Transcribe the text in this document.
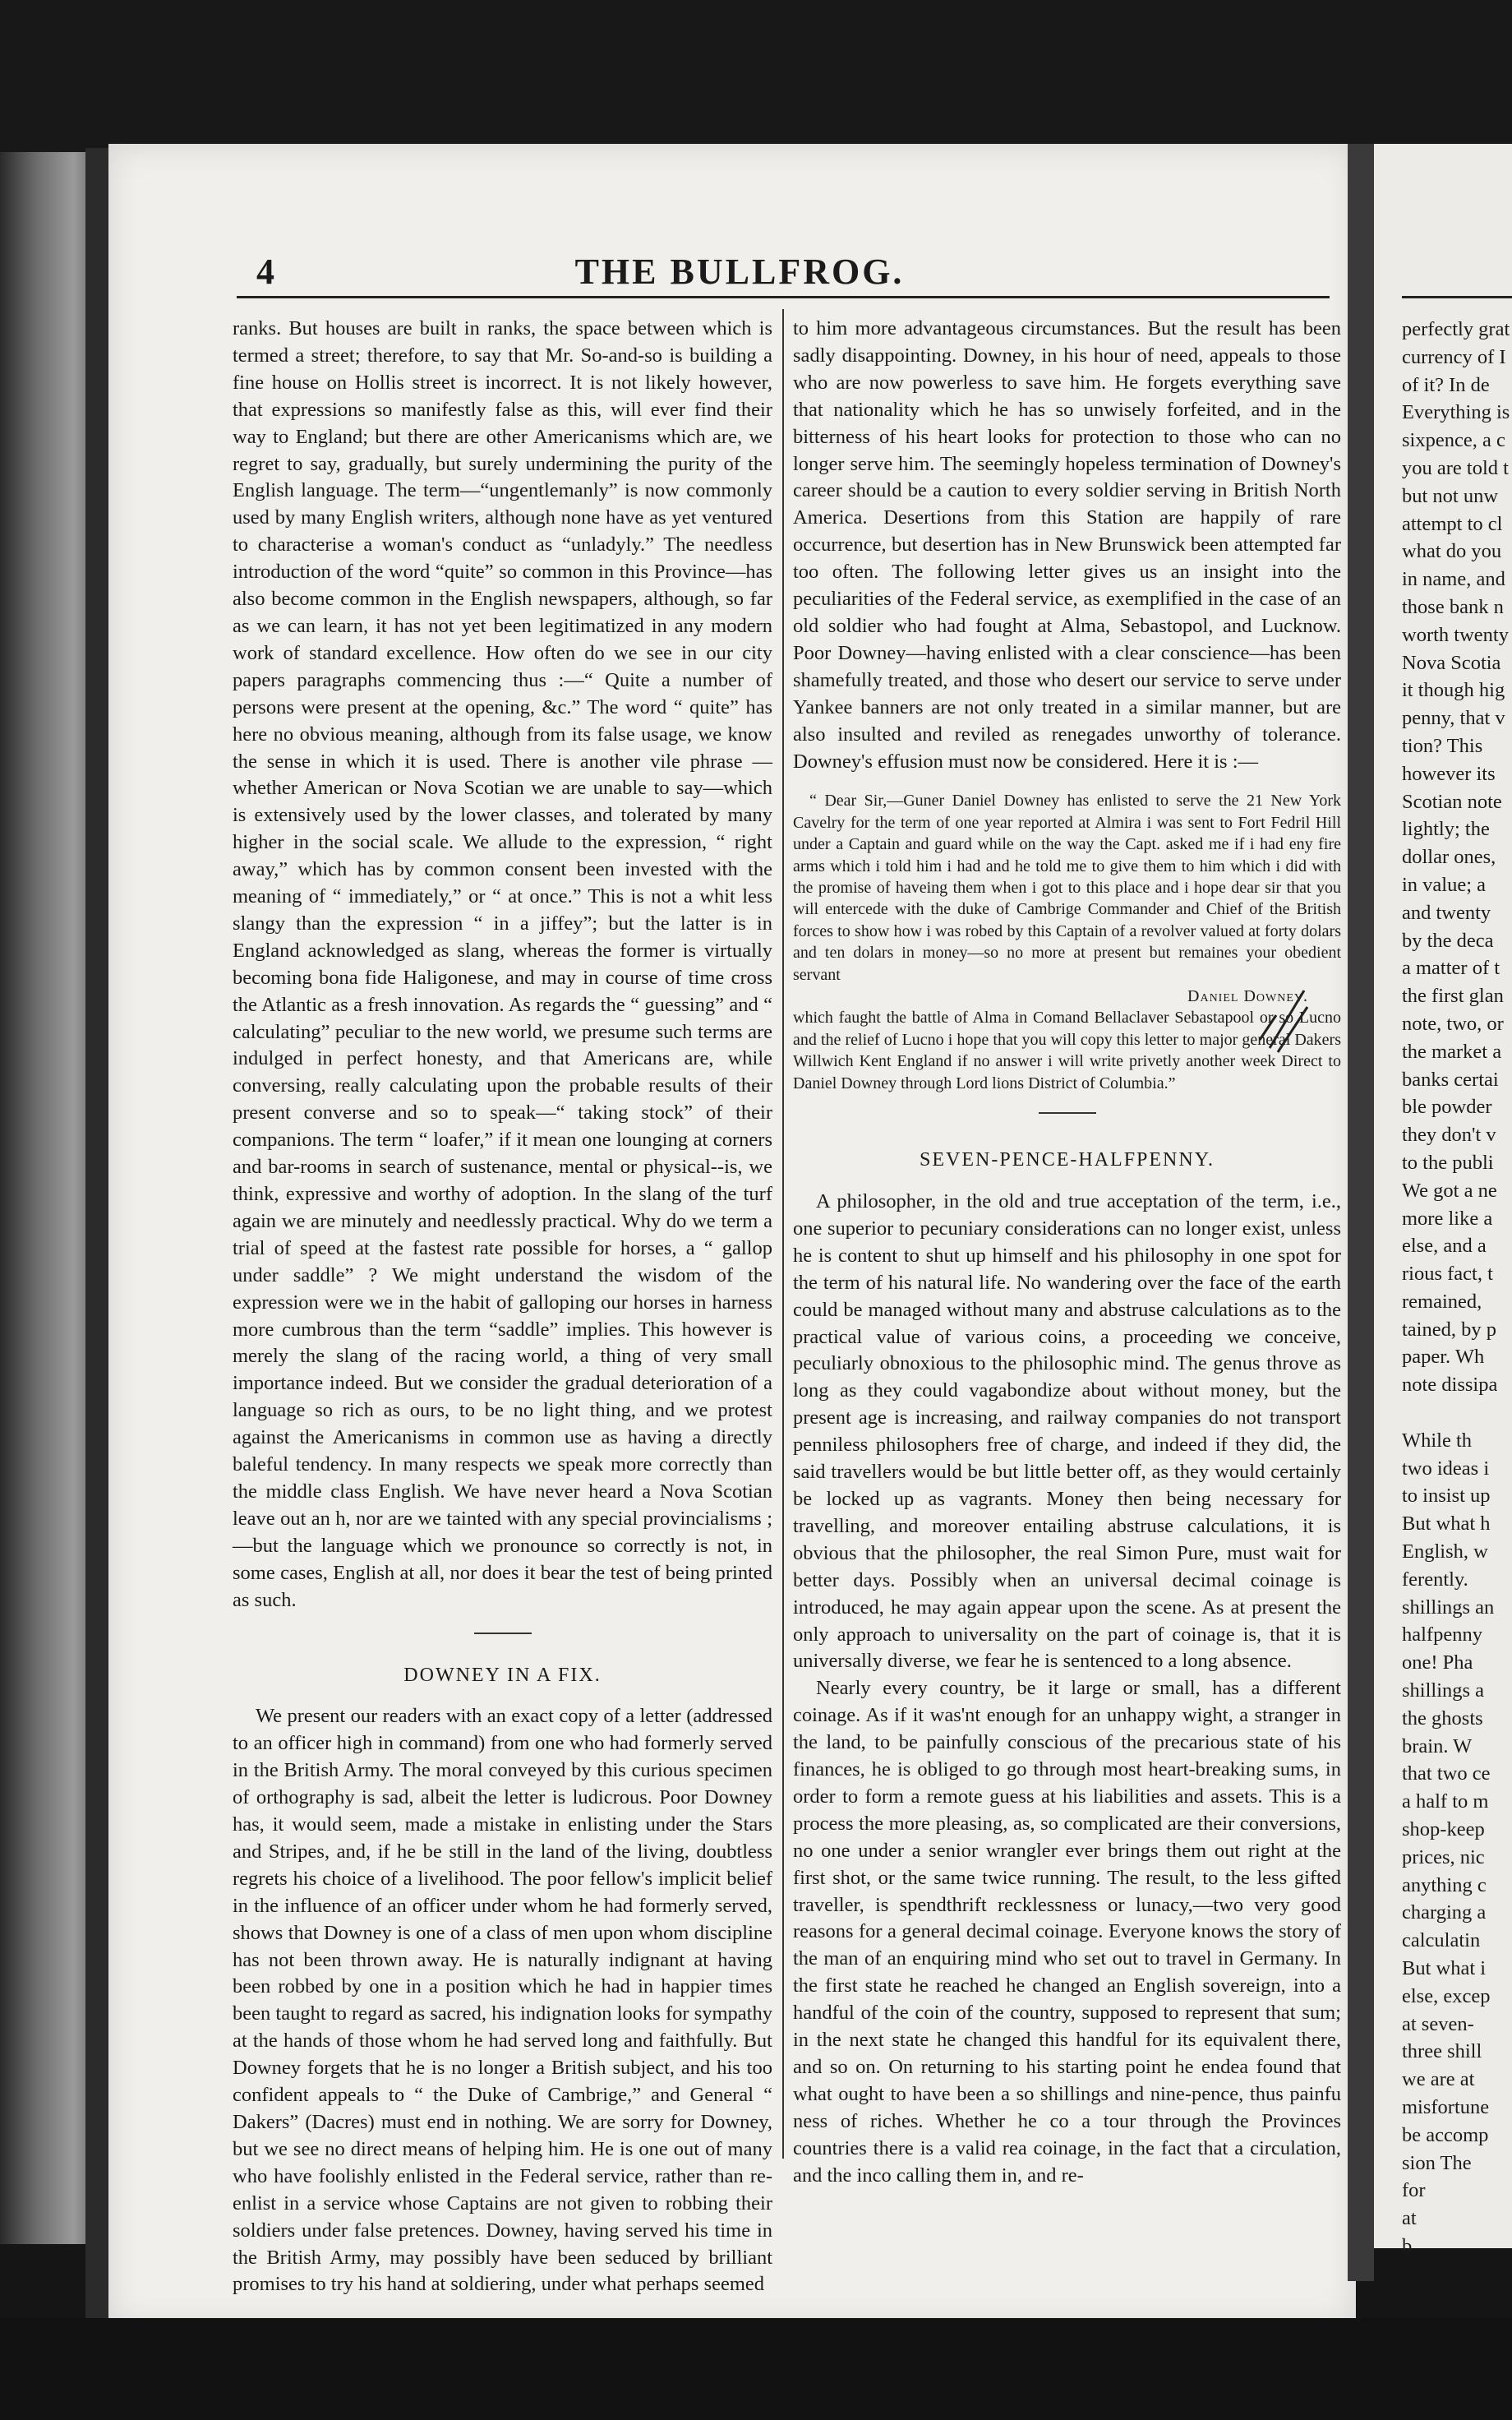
4	THE BULLFROG.

ranks. But houses are built in ranks, the space between which is termed a street; therefore, to say that Mr. So-and-so is building a fine house on Hollis street is incorrect. It is not likely however, that expressions so manifestly false as this, will ever find their way to England; but there are other Americanisms which are, we regret to say, gradually, but surely undermining the purity of the English language. The term—“ungentlemanly” is now commonly used by many English writers, although none have as yet ventured to characterise a woman's conduct as “unladyly.” The needless introduction of the word “quite” so common in this Province—has also become common in the English newspapers, although, so far as we can learn, it has not yet been legitimatized in any modern work of standard excellence. How often do we see in our city papers paragraphs commencing thus :—“ Quite a number of persons were present at the opening, &c.” The word “ quite” has here no obvious meaning, although from its false usage, we know the sense in which it is used. There is another vile phrase — whether American or Nova Scotian we are unable to say—which is extensively used by the lower classes, and tolerated by many higher in the social scale. We allude to the expression, “ right away,” which has by common consent been invested with the meaning of “ immediately,” or “ at once.” This is not a whit less slangy than the expression “ in a jiffey”; but the latter is in England acknowledged as slang, whereas the former is virtually becoming bona fide Haligonese, and may in course of time cross the Atlantic as a fresh innovation. As regards the “ guessing” and “ calculating” peculiar to the new world, we presume such terms are indulged in perfect honesty, and that Americans are, while conversing, really calculating upon the probable results of their present converse and so to speak—“ taking stock” of their companions. The term “ loafer,” if it mean one lounging at corners and bar-rooms in search of sustenance, mental or physical--is, we think, expressive and worthy of adoption. In the slang of the turf again we are minutely and needlessly practical. Why do we term a trial of speed at the fastest rate possible for horses, a “ gallop under saddle” ? We might understand the wisdom of the expression were we in the habit of galloping our horses in harness more cumbrous than the term “saddle” implies. This however is merely the slang of the racing world, a thing of very small importance indeed. But we consider the gradual deterioration of a language so rich as ours, to be no light thing, and we protest against the Americanisms in common use as having a directly baleful tendency. In many respects we speak more correctly than the middle class English. We have never heard a Nova Scotian leave out an h, nor are we tainted with any special provincialisms ;—but the language which we pronounce so correctly is not, in some cases, English at all, nor does it bear the test of being printed as such.

DOWNEY IN A FIX.

We present our readers with an exact copy of a letter (addressed to an officer high in command) from one who had formerly served in the British Army. The moral conveyed by this curious specimen of orthography is sad, albeit the letter is ludicrous. Poor Downey has, it would seem, made a mistake in enlisting under the Stars and Stripes, and, if he be still in the land of the living, doubtless regrets his choice of a livelihood. The poor fellow's implicit belief in the influence of an officer under whom he had formerly served, shows that Downey is one of a class of men upon whom discipline has not been thrown away. He is naturally indignant at having been robbed by one in a position which he had in happier times been taught to regard as sacred, his indignation looks for sympathy at the hands of those whom he had served long and faithfully. But Downey forgets that he is no longer a British subject, and his too confident appeals to “ the Duke of Cambrige,” and General “ Dakers” (Dacres) must end in nothing. We are sorry for Downey, but we see no direct means of helping him. He is one out of many who have foolishly enlisted in the Federal service, rather than re-enlist in a service whose Captains are not given to robbing their soldiers under false pretences. Downey, having served his time in the British Army, may possibly have been seduced by brilliant promises to try his hand at soldiering, under what perhaps seemed

to him more advantageous circumstances. But the result has been sadly disappointing. Downey, in his hour of need, appeals to those who are now powerless to save him. He forgets everything save that nationality which he has so unwisely forfeited, and in the bitterness of his heart looks for protection to those who can no longer serve him. The seemingly hopeless termination of Downey's career should be a caution to every soldier serving in British North America. Desertions from this Station are happily of rare occurrence, but desertion has in New Brunswick been attempted far too often. The following letter gives us an insight into the peculiarities of the Federal service, as exemplified in the case of an old soldier who had fought at Alma, Sebastopol, and Lucknow. Poor Downey—having enlisted with a clear conscience—has been shamefully treated, and those who desert our service to serve under Yankee banners are not only treated in a similar manner, but are also insulted and reviled as renegades unworthy of tolerance. Downey's effusion must now be considered. Here it is :—

“ Dear Sir,—Guner Daniel Downey has enlisted to serve the 21 New York Cavelry for the term of one year reported at Almira i was sent to Fort Fedril Hill under a Captain and guard while on the way the Capt. asked me if i had eny fire arms which i told him i had and he told me to give them to him which i did with the promise of haveing them when i got to this place and i hope dear sir that you will entercede with the duke of Cambrige Commander and Chief of the British forces to show how i was robed by this Captain of a revolver valued at forty dolars and ten dolars in money—so no more at present but remaines your obedient servant

Daniel Downey.

which faught the battle of Alma in Comand Bellaclaver Sebastapool or so Lucno and the relief of Lucno i hope that you will copy this letter to major general Dakers Willwich Kent England if no answer i will write privetly another week Direct to Daniel Downey through Lord lions District of Columbia.”

SEVEN-PENCE-HALFPENNY.

A philosopher, in the old and true acceptation of the term, i.e., one superior to pecuniary considerations can no longer exist, unless he is content to shut up himself and his philosophy in one spot for the term of his natural life. No wandering over the face of the earth could be managed without many and abstruse calculations as to the practical value of various coins, a proceeding we conceive, peculiarly obnoxious to the philosophic mind. The genus throve as long as they could vagabondize about without money, but the present age is increasing, and railway companies do not transport penniless philosophers free of charge, and indeed if they did, the said travellers would be but little better off, as they would certainly be locked up as vagrants. Money then being necessary for travelling, and moreover entailing abstruse calculations, it is obvious that the philosopher, the real Simon Pure, must wait for better days. Possibly when an universal decimal coinage is introduced, he may again appear upon the scene. As at present the only approach to universality on the part of coinage is, that it is universally diverse, we fear he is sentenced to a long absence.

Nearly every country, be it large or small, has a different coinage. As if it was'nt enough for an unhappy wight, a stranger in the land, to be painfully conscious of the precarious state of his finances, he is obliged to go through most heart-breaking sums, in order to form a remote guess at his liabilities and assets. This is a process the more pleasing, as, so complicated are their conversions, no one under a senior wrangler ever brings them out right at the first shot, or the same twice running. The result, to the less gifted traveller, is spendthrift recklessness or lunacy,—two very good reasons for a general decimal coinage. Everyone knows the story of the man of an enquiring mind who set out to travel in Germany. In the first state he reached he changed an English sovereign, into a handful of the coin of the country, supposed to represent that sum; in the next state he changed this handful for its equivalent there, and so on. On returning to his starting point he endea found that what ought to have been a so shillings and nine-pence, thus painfu ness of riches. Whether he co a tour through the Provinces countries there is a valid rea coinage, in the fact that a circulation, and the inco calling them in, and re-

perfectly grat
currency of I
of it? In de
Everything is
sixpence, a c
you are told t
but not unw
attempt to cl
what do you
in name, and
those bank n
worth twenty
Nova Scotia
it though hig
penny, that v
tion? This
however its
Scotian note
lightly; the
dollar ones,
in value; a
and twenty
by the deca
a matter of t
the first glan
note, two, or
the market a
banks certai
ble powder
they don't v
to the publi
We got a ne
more like a
else, and a
rious fact, t
remained,
tained, by p
paper. Wh
note dissipa
While th
two ideas i
to insist up
But what h
English, w
ferently.
shillings an
halfpenny
one! Pha
shillings a
the ghosts
brain. W
that two ce
a half to m
shop-keep
prices, nic
anything c
charging a
calculatin
But what i
else, excep
at seven-
three shill
we are at
misfortune
be accomp
sion The
for
at
b
